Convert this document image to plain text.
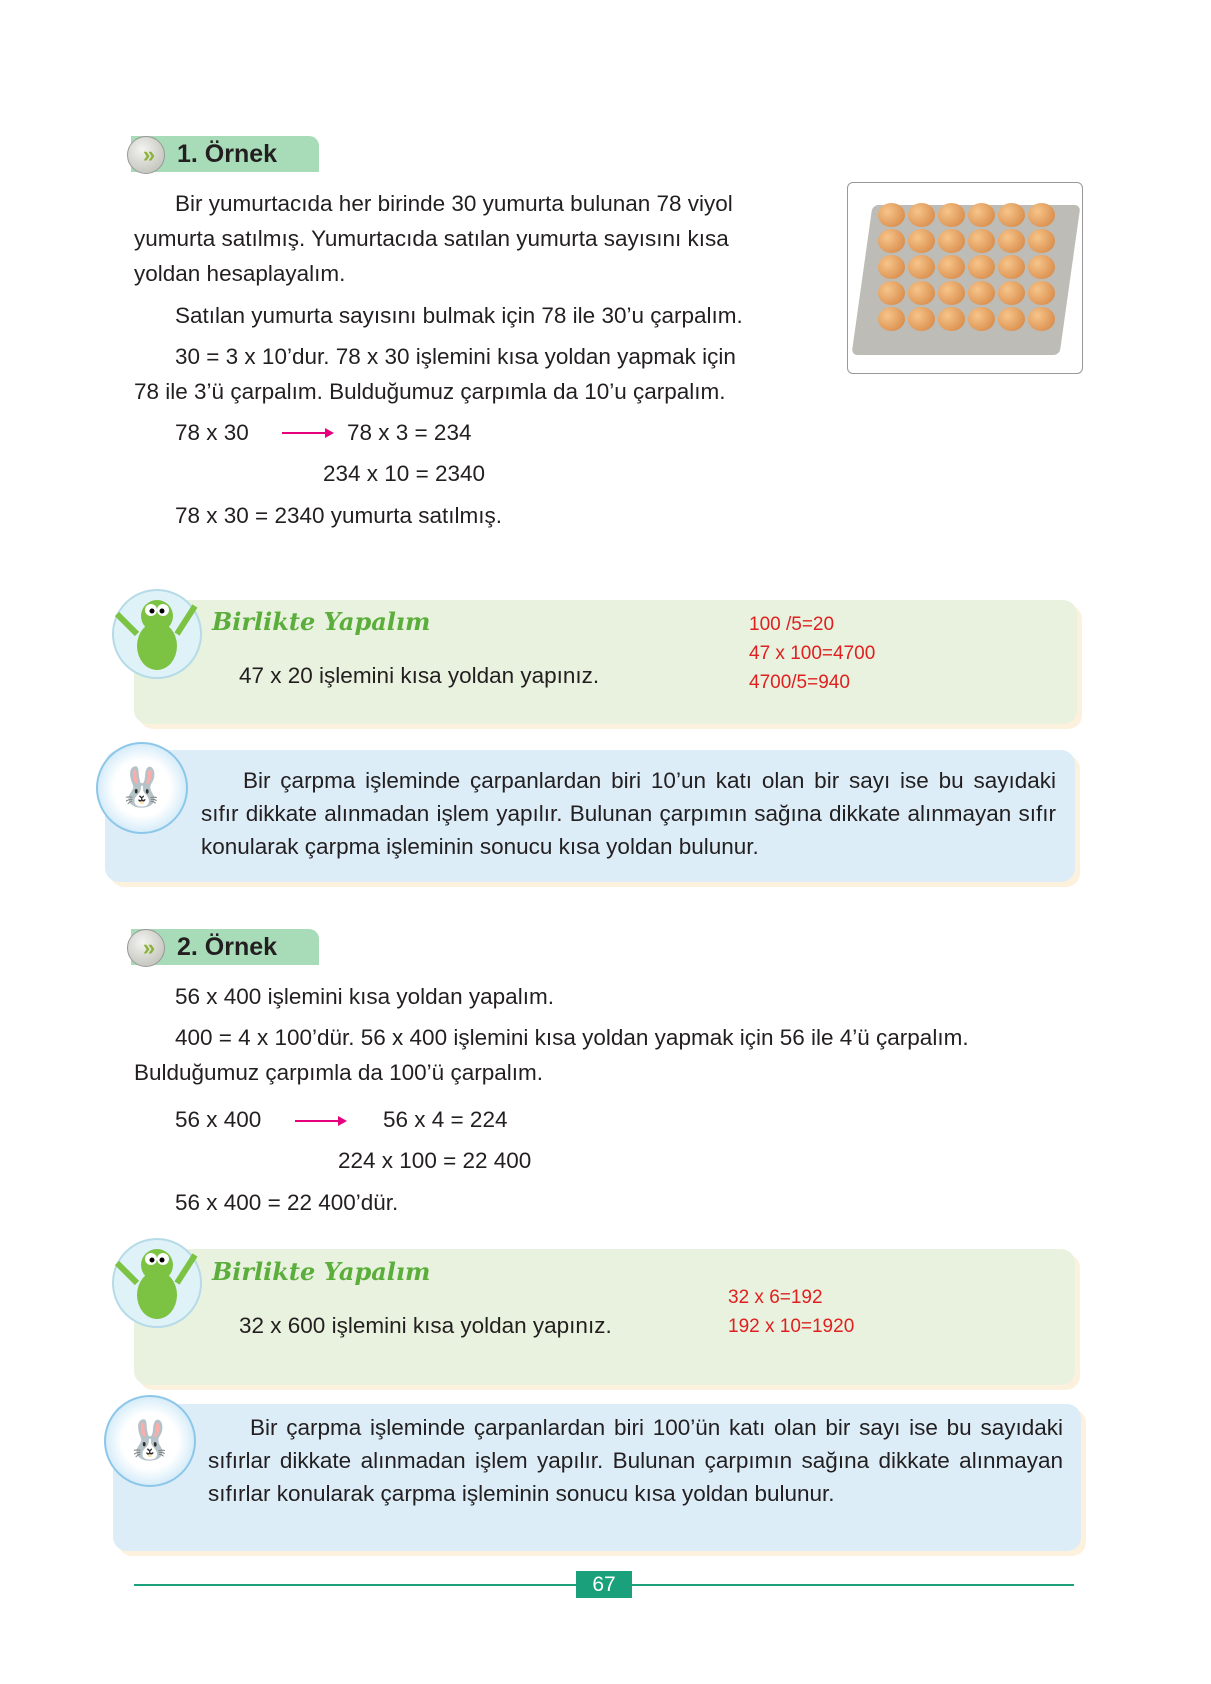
»	1. Örnek
Bir yumurtacıda her birinde 30 yumurta bulunan 78 viyol
yumurta satılmış. Yumurtacıda satılan yumurta sayısını kısa
yoldan hesaplayalım.
Satılan yumurta sayısını bulmak için 78 ile 30’u çarpalım.
30 = 3 x 10’dur. 78 x 30 işlemini kısa yoldan yapmak için
78 ile 3’ü çarpalım. Bulduğumuz çarpımla da 10’u çarpalım.
78 x 30	78 x 3 = 234
234 x 10 = 2340
78 x 30 = 2340 yumurta satılmış.
Birlikte Yapalım
47 x 20 işlemini kısa yoldan yapınız.
100 /5=20
47 x 100=4700
4700/5=940
🐰	Bir çarpma işleminde çarpanlardan biri 10’un katı olan bir sayı ise bu sayıdaki sıfır dikkate alınmadan işlem yapılır. Bulunan çarpımın sağına dikkate alınmayan sıfır konularak çarpma işleminin sonucu kısa yoldan bulunur.
»	2. Örnek
56 x 400 işlemini kısa yoldan yapalım.
400 = 4 x 100’dür. 56 x 400 işlemini kısa yoldan yapmak için 56 ile 4’ü çarpalım.
Bulduğumuz çarpımla da 100’ü çarpalım.
56 x 400	56 x 4 = 224
224 x 100 = 22 400
56 x 400 = 22 400’dür.
Birlikte Yapalım
32 x 600 işlemini kısa yoldan yapınız.
32 x 6=192
192 x 10=1920
🐰	Bir çarpma işleminde çarpanlardan biri 100’ün katı olan bir sayı ise bu sayıdaki sıfırlar dikkate alınmadan işlem yapılır. Bulunan çarpımın sağına dikkate alınmayan sıfırlar konularak çarpma işleminin sonucu kısa yoldan bulunur.
67
